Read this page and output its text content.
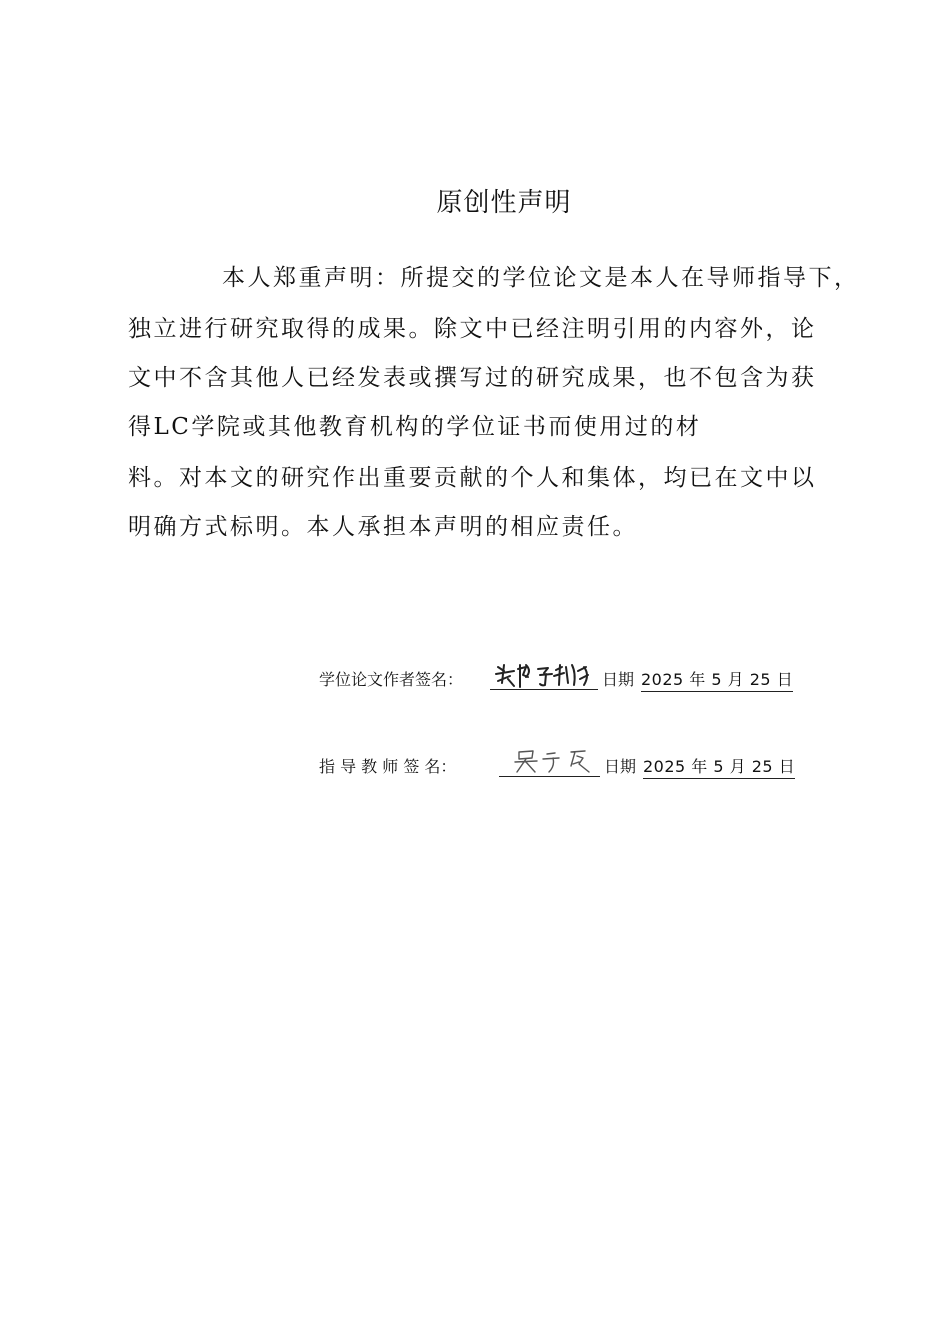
原创性声明
本人郑重声明：所提交的学位论文是本人在导师指导下，
独立进行研究取得的成果。除文中已经注明引用的内容外，论
文中不含其他人已经发表或撰写过的研究成果，也不包含为获
得LC学院或其他教育机构的学位证书而使用过的材
料。对本文的研究作出重要贡献的个人和集体，均已在文中以
明确方式标明。本人承担本声明的相应责任。
学位论文作者签名：	日期 2025 年 5 月 25 日
指 导 教 师 签 名：	日期 2025 年 5 月 25 日
